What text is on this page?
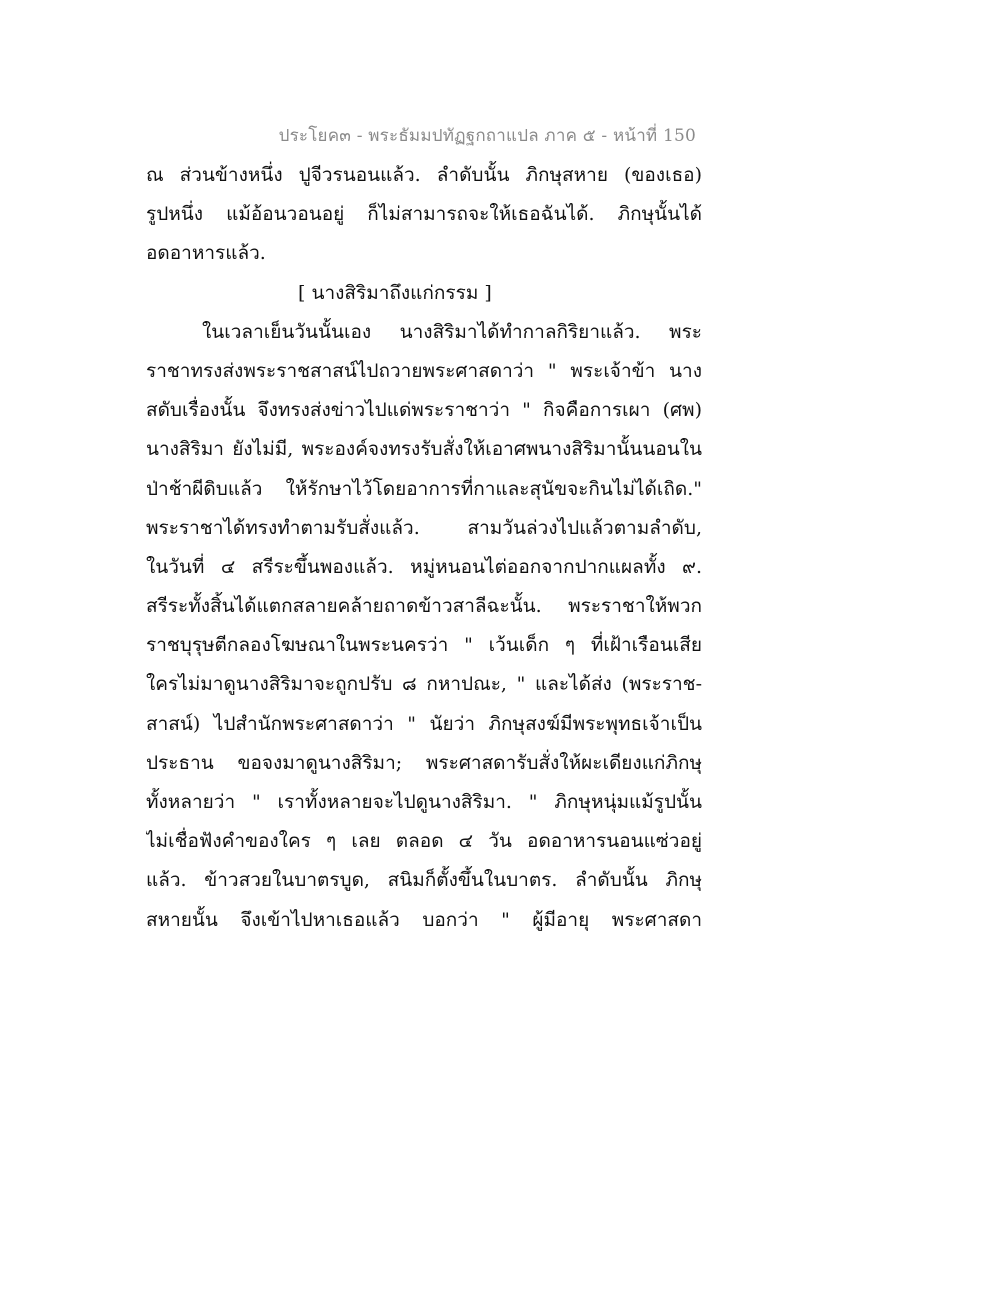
ประโยค๓ - พระธัมมปทัฏฐกถาแปล ภาค ๕ - หน้าที่ 150
ณ ส่วนข้างหนึ่ง ปูจีวรนอนแล้ว. ลำดับนั้น ภิกษุสหาย (ของเธอ)
รูปหนึ่ง แม้อ้อนวอนอยู่ ก็ไม่สามารถจะให้เธอฉันได้. ภิกษุนั้นได้
อดอาหารแล้ว.
[ นางสิริมาถึงแก่กรรม ]
ในเวลาเย็นวันนั้นเอง นางสิริมาได้ทำกาลกิริยาแล้ว. พระ
ราชาทรงส่งพระราชสาสน์ไปถวายพระศาสดาว่า " พระเจ้าข้า นาง
สดับเรื่องนั้น จึงทรงส่งข่าวไปแด่พระราชาว่า " กิจคือการเผา (ศพ)
นางสิริมา ยังไม่มี, พระองค์จงทรงรับสั่งให้เอาศพนางสิริมานั้นนอนใน
ป่าช้าผีดิบแล้ว ให้รักษาไว้โดยอาการที่กาและสุนัขจะกินไม่ได้เถิด."
พระราชาได้ทรงทำตามรับสั่งแล้ว. สามวันล่วงไปแล้วตามลำดับ,
ในวันที่ ๔ สรีระขึ้นพองแล้ว. หมู่หนอนไต่ออกจากปากแผลทั้ง ๙.
สรีระทั้งสิ้นได้แตกสลายคล้ายถาดข้าวสาลีฉะนั้น. พระราชาให้พวก
ราชบุรุษตีกลองโฆษณาในพระนครว่า " เว้นเด็ก ๆ ที่เฝ้าเรือนเสีย
ใครไม่มาดูนางสิริมาจะถูกปรับ ๘ กหาปณะ, " และได้ส่ง (พระราช-
สาสน์) ไปสำนักพระศาสดาว่า " นัยว่า ภิกษุสงฆ์มีพระพุทธเจ้าเป็น
ประธาน ขอจงมาดูนางสิริมา; พระศาสดารับสั่งให้ผะเดียงแก่ภิกษุ
ทั้งหลายว่า " เราทั้งหลายจะไปดูนางสิริมา. " ภิกษุหนุ่มแม้รูปนั้น
ไม่เชื่อฟังคำของใคร ๆ เลย ตลอด ๔ วัน อดอาหารนอนแซ่วอยู่
แล้ว. ข้าวสวยในบาตรบูด, สนิมก็ตั้งขึ้นในบาตร. ลำดับนั้น ภิกษุ
สหายนั้น จึงเข้าไปหาเธอแล้ว บอกว่า " ผู้มีอายุ พระศาสดา
